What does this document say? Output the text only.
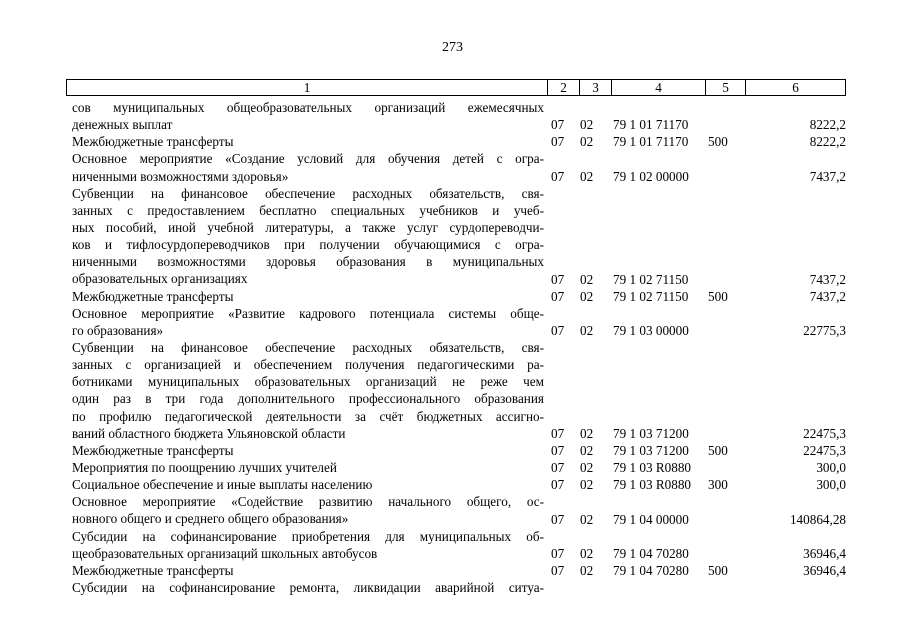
273
1	2	3	4	5	6
сов муниципальных общеобразовательных организаций ежемесячных
денежных выплат	07 02 79 1 01 71170	8222,2
Межбюджетные трансферты	07 02 79 1 01 71170 500	8222,2
Основное мероприятие «Создание условий для обучения детей с огра-
ниченными возможностями здоровья»	07 02 79 1 02 00000	7437,2
Субвенции на финансовое обеспечение расходных обязательств, свя-
занных с предоставлением бесплатно специальных учебников и учеб-
ных пособий, иной учебной литературы, а также услуг сурдопереводчи-
ков и тифлосурдопереводчиков при получении обучающимися с огра-
ниченными возможностями здоровья образования в муниципальных
образовательных организациях	07 02 79 1 02 71150	7437,2
Межбюджетные трансферты	07 02 79 1 02 71150 500	7437,2
Основное мероприятие «Развитие кадрового потенциала системы обще-
го образования»	07 02 79 1 03 00000	22775,3
Субвенции на финансовое обеспечение расходных обязательств, свя-
занных с организацией и обеспечением получения педагогическими ра-
ботниками муниципальных образовательных организаций не реже чем
один раз в три года дополнительного профессионального образования
по профилю педагогической деятельности за счёт бюджетных ассигно-
ваний областного бюджета Ульяновской области	07 02 79 1 03 71200	22475,3
Межбюджетные трансферты	07 02 79 1 03 71200 500	22475,3
Мероприятия по поощрению лучших учителей	07 02 79 1 03 R0880	300,0
Социальное обеспечение и иные выплаты населению	07 02 79 1 03 R0880 300	300,0
Основное мероприятие «Содействие развитию начального общего, ос-
новного общего и среднего общего образования»	07 02 79 1 04 00000	140864,28
Субсидии на софинансирование приобретения для муниципальных об-
щеобразовательных организаций школьных автобусов	07 02 79 1 04 70280	36946,4
Межбюджетные трансферты	07 02 79 1 04 70280 500	36946,4
Субсидии на софинансирование ремонта, ликвидации аварийной ситуа-
